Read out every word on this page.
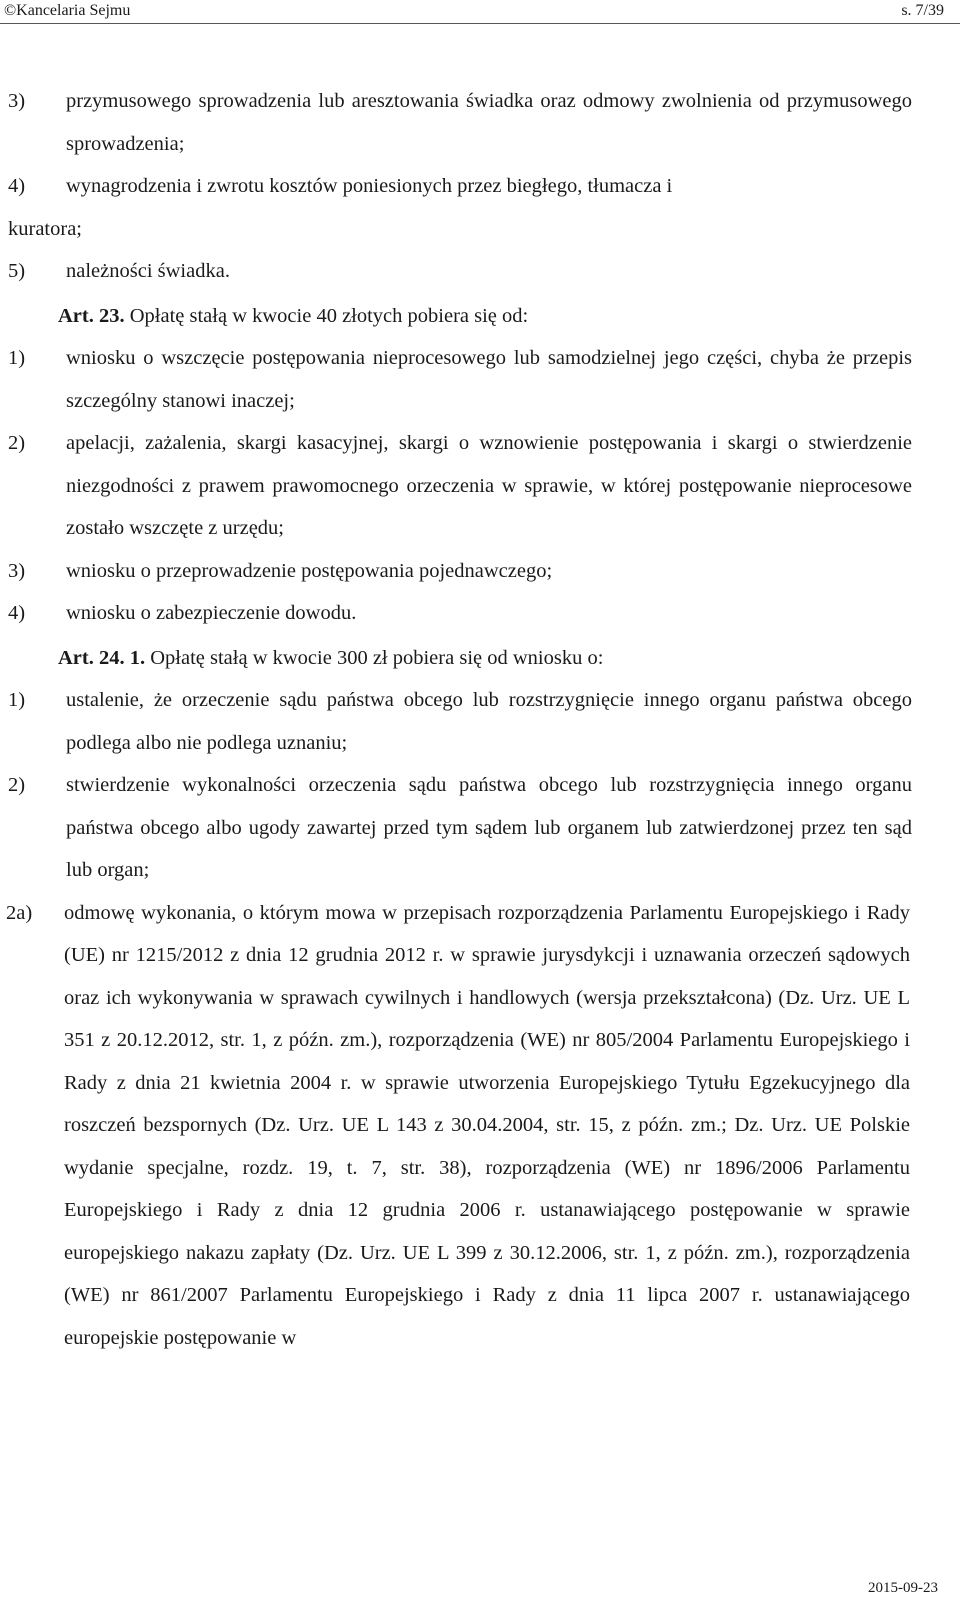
©Kancelaria Sejmu	s. 7/39
3)	przymusowego sprowadzenia lub aresztowania świadka oraz odmowy zwolnienia od przymusowego sprowadzenia;
4)	wynagrodzenia i zwrotu kosztów poniesionych przez biegłego, tłumacza i
kuratora;
5)	należności świadka.
Art. 23. Opłatę stałą w kwocie 40 złotych pobiera się od:
1)	wniosku o wszczęcie postępowania nieprocesowego lub samodzielnej jego części, chyba że przepis szczególny stanowi inaczej;
2)	apelacji, zażalenia, skargi kasacyjnej, skargi o wznowienie postępowania i skargi o stwierdzenie niezgodności z prawem prawomocnego orzeczenia w sprawie, w której postępowanie nieprocesowe zostało wszczęte z urzędu;
3)	wniosku o przeprowadzenie postępowania pojednawczego;
4)	wniosku o zabezpieczenie dowodu.
Art. 24. 1. Opłatę stałą w kwocie 300 zł pobiera się od wniosku o:
1)	ustalenie, że orzeczenie sądu państwa obcego lub rozstrzygnięcie innego organu państwa obcego podlega albo nie podlega uznaniu;
2)	stwierdzenie wykonalności orzeczenia sądu państwa obcego lub rozstrzygnięcia innego organu państwa obcego albo ugody zawartej przed tym sądem lub organem lub zatwierdzonej przez ten sąd lub organ;
2a)	odmowę wykonania, o którym mowa w przepisach rozporządzenia Parlamentu Europejskiego i Rady (UE) nr 1215/2012 z dnia 12 grudnia 2012 r. w sprawie jurysdykcji i uznawania orzeczeń sądowych oraz ich wykonywania w sprawach cywilnych i handlowych (wersja przekształcona) (Dz. Urz. UE L 351 z 20.12.2012, str. 1, z późn. zm.), rozporządzenia (WE) nr 805/2004 Parlamentu Europejskiego i Rady z dnia 21 kwietnia 2004 r. w sprawie utworzenia Europejskiego Tytułu Egzekucyjnego dla roszczeń bezspornych (Dz. Urz. UE L 143 z 30.04.2004, str. 15, z późn. zm.; Dz. Urz. UE Polskie wydanie specjalne, rozdz. 19, t. 7, str. 38), rozporządzenia (WE) nr 1896/2006 Parlamentu Europejskiego i Rady z dnia 12 grudnia 2006 r. ustanawiającego postępowanie w sprawie europejskiego nakazu zapłaty (Dz. Urz. UE L 399 z 30.12.2006, str. 1, z późn. zm.), rozporządzenia (WE) nr 861/2007 Parlamentu Europejskiego i Rady z dnia 11 lipca 2007 r. ustanawiającego europejskie postępowanie w
2015-09-23
